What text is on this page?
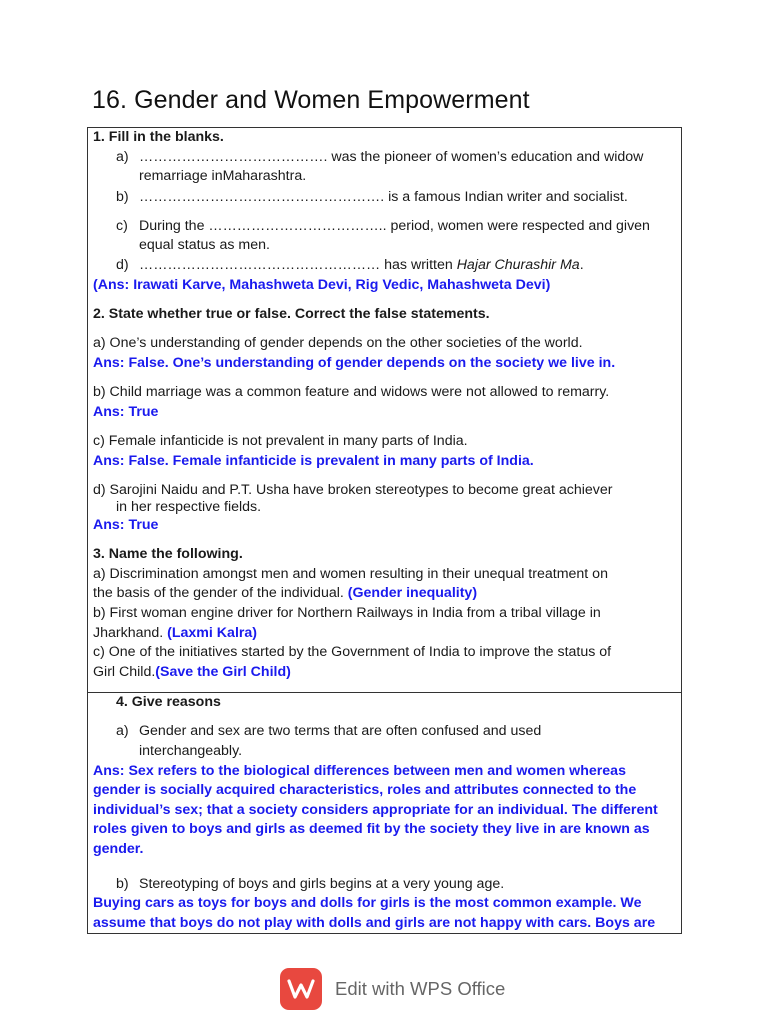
16. Gender and Women Empowerment
1. Fill in the blanks.
a) …………………………………. was the pioneer of women’s education and widow
remarriage inMaharashtra.
b) ……………………………………………. is a famous Indian writer and socialist.
c) During the ……………………………….. period, women were respected and given
equal status as men.
d) …………………………………………… has written Hajar Churashir Ma.
(Ans: Irawati Karve, Mahashweta Devi, Rig Vedic, Mahashweta Devi)
2. State whether true or false. Correct the false statements.
a) One’s understanding of gender depends on the other societies of the world.
Ans: False. One’s understanding of gender depends on the society we live in.
b) Child marriage was a common feature and widows were not allowed to remarry.
Ans: True
c) Female infanticide is not prevalent in many parts of India.
Ans: False. Female infanticide is prevalent in many parts of India.
d) Sarojini Naidu and P.T. Usha have broken stereotypes to become great achiever
in her respective fields.
Ans: True
3. Name the following.
a) Discrimination amongst men and women resulting in their unequal treatment on
the basis of the gender of the individual. (Gender inequality)
b) First woman engine driver for Northern Railways in India from a tribal village in
Jharkhand. (Laxmi Kalra)
c) One of the initiatives started by the Government of India to improve the status of
Girl Child.(Save the Girl Child)
4. Give reasons
a) Gender and sex are two terms that are often confused and used
interchangeably.
Ans: Sex refers to the biological differences between men and women whereas
gender is socially acquired characteristics, roles and attributes connected to the
individual’s sex; that a society considers appropriate for an individual. The different
roles given to boys and girls as deemed fit by the society they live in are known as
gender.
b) Stereotyping of boys and girls begins at a very young age.
Buying cars as toys for boys and dolls for girls is the most common example. We
assume that boys do not play with dolls and girls are not happy with cars. Boys are
Edit with WPS Office
